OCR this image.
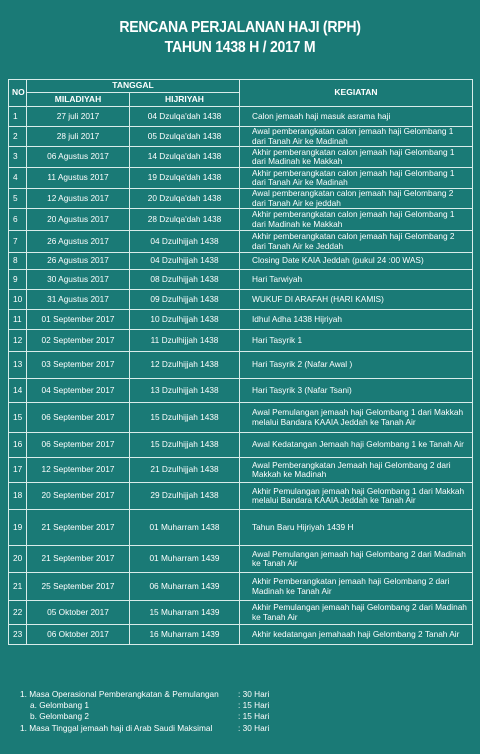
RENCANA PERJALANAN HAJI (RPH)
TAHUN 1438 H / 2017 M
NO	TANGGAL		KEGIATAN
	MILADIYAH	HIJRIYAH	
1	27 juli 2017	04 Dzulqa'dah 1438	Calon jemaah haji masuk asrama haji
2	28 juli 2017	05 Dzulqa'dah 1438	Awal pemberangkatan calon jemaah haji Gelombang 1 dari Tanah Air ke Madinah
3	06 Agustus 2017	14 Dzulqa'dah 1438	Akhir pemberangkatan calon jemaah haji Gelombang 1 dari Madinah ke Makkah
4	11 Agustus 2017	19 Dzulqa'dah 1438	Akhir pemberangkatan calon jemaah haji Gelombang 1 dari Tanah Air ke Madinah
5	12 Agustus 2017	20 Dzulqa'dah 1438	Awal pemberangkatan calon jemaah haji Gelombang 2 dari Tanah Air ke jeddah
6	20 Agustus 2017	28 Dzulqa'dah 1438	Akhir pemberangkatan calon jemaah haji Gelombang 1 dari Madinah ke Makkah
7	26 Agustus 2017	04 Dzulhijjah 1438	Akhir pemberangkatan calon jemaah haji Gelombang 2 dari Tanah Air ke Jeddah
8	26 Agustus 2017	04 Dzulhijjah 1438	Closing Date KAIA Jeddah (pukul 24 :00 WAS)
9	30 Agustus 2017	08 Dzulhijjah 1438	Hari Tarwiyah
10	31 Agustus 2017	09 Dzulhijjah 1438	WUKUF DI ARAFAH (HARI KAMIS)
11	01 September 2017	10 Dzulhijjah 1438	Idhul Adha 1438 Hijriyah
12	02 September 2017	11 Dzulhijjah 1438	Hari Tasyrik 1
13	03 September 2017	12 Dzulhijjah 1438	Hari Tasyrik 2 (Nafar Awal )
14	04 September 2017	13 Dzulhijjah 1438	Hari Tasyrik 3 (Nafar Tsani)
15	06 September 2017	15 Dzulhijjah 1438	Awal Pemulangan jemaah haji Gelombang 1 dari Makkah melalui Bandara KAAIA Jeddah ke Tanah Air
16	06 September 2017	15 Dzulhijjah 1438	Awal Kedatangan Jemaah haji Gelombang 1 ke Tanah Air
17	12 September 2017	21 Dzulhijjah 1438	Awal Pemberangkatan Jemaah haji Gelombang 2 dari Makkah ke Madinah
18	20 September 2017	29 Dzulhijjah 1438	Akhir Pemulangan jemaah haji Gelombang 1 dari Makkah melalui Bandara KAAIA Jeddah ke Tanah Air
19	21 September 2017	01 Muharram 1438	Tahun Baru Hijriyah 1439 H
20	21 September 2017	01 Muharram 1439	Awal Pemulangan jemaah haji Gelombang 2 dari Madinah ke Tanah Air
21	25 September 2017	06 Muharram 1439	Akhir Pemberangkatan jemaah haji Gelombang 2 dari Madinah ke Tanah Air
22	05 Oktober 2017	15 Muharram 1439	Akhir Pemulangan jemaah haji Gelombang 2 dari Madinah ke Tanah Air
23	06 Oktober 2017	16 Muharram 1439	Akhir kedatangan jemahaah haji Gelombang 2 Tanah Air
1. Masa Operasional Pemberangkatan & Pemulangan	: 30 Hari
a. Gelombang 1	: 15 Hari
b. Gelombang 2	: 15 Hari
1. Masa Tinggal jemaah haji di Arab Saudi Maksimal	: 30 Hari
